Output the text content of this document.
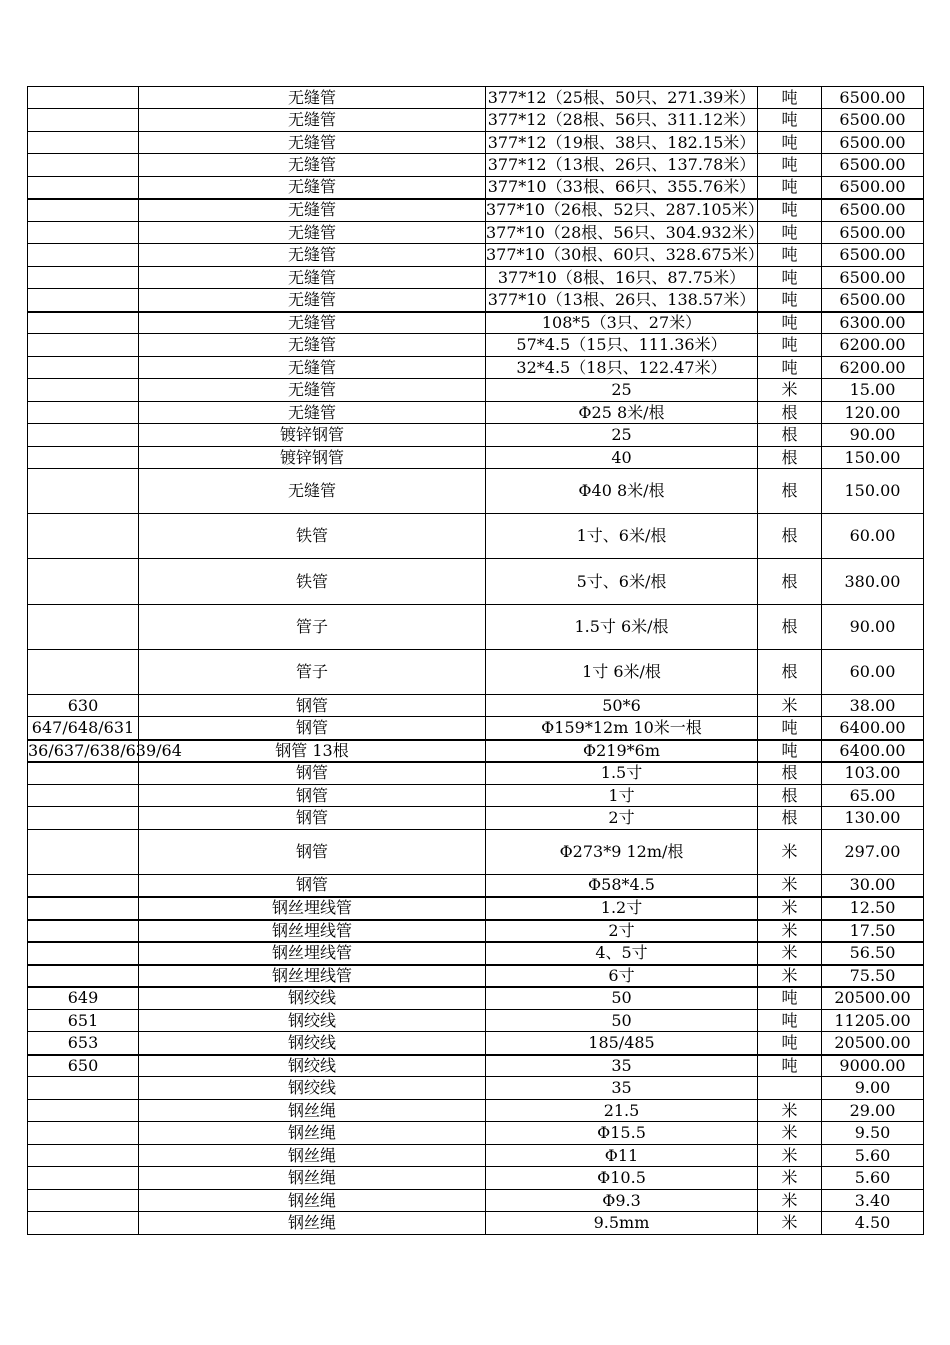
	无缝管	377*12（25根、50只、271.39米）	吨	6500.00
	无缝管	377*12（28根、56只、311.12米）	吨	6500.00
	无缝管	377*12（19根、38只、182.15米）	吨	6500.00
	无缝管	377*12（13根、26只、137.78米）	吨	6500.00
	无缝管	377*10（33根、66只、355.76米）	吨	6500.00
	无缝管	377*10（26根、52只、287.105米）	吨	6500.00
	无缝管	377*10（28根、56只、304.932米）	吨	6500.00
	无缝管	377*10（30根、60只、328.675米）	吨	6500.00
	无缝管	377*10（8根、16只、87.75米）	吨	6500.00
	无缝管	377*10（13根、26只、138.57米）	吨	6500.00
	无缝管	108*5（3只、27米）	吨	6300.00
	无缝管	57*4.5（15只、111.36米）	吨	6200.00
	无缝管	32*4.5（18只、122.47米）	吨	6200.00
	无缝管	25	米	15.00
	无缝管	Φ25 8米/根	根	120.00
	镀锌钢管	25	根	90.00
	镀锌钢管	40	根	150.00
	无缝管	Φ40 8米/根	根	150.00
	铁管	1寸、6米/根	根	60.00
	铁管	5寸、6米/根	根	380.00
	管子	1.5寸 6米/根	根	90.00
	管子	1寸 6米/根	根	60.00
630	钢管	50*6	米	38.00
647/648/631	钢管	Φ159*12m 10米一根	吨	6400.00
36/637/638/639/64	钢管 13根	Φ219*6m	吨	6400.00
	钢管	1.5寸	根	103.00
	钢管	1寸	根	65.00
	钢管	2寸	根	130.00
	钢管	Φ273*9 12m/根	米	297.00
	钢管	Φ58*4.5	米	30.00
	钢丝埋线管	1.2寸	米	12.50
	钢丝埋线管	2寸	米	17.50
	钢丝埋线管	4、5寸	米	56.50
	钢丝埋线管	6寸	米	75.50
649	钢绞线	50	吨	20500.00
651	钢绞线	50	吨	11205.00
653	钢绞线	185/485	吨	20500.00
650	钢绞线	35	吨	9000.00
	钢绞线	35		9.00
	钢丝绳	21.5	米	29.00
	钢丝绳	Φ15.5	米	9.50
	钢丝绳	Φ11	米	5.60
	钢丝绳	Φ10.5	米	5.60
	钢丝绳	Φ9.3	米	3.40
	钢丝绳	9.5mm	米	4.50
